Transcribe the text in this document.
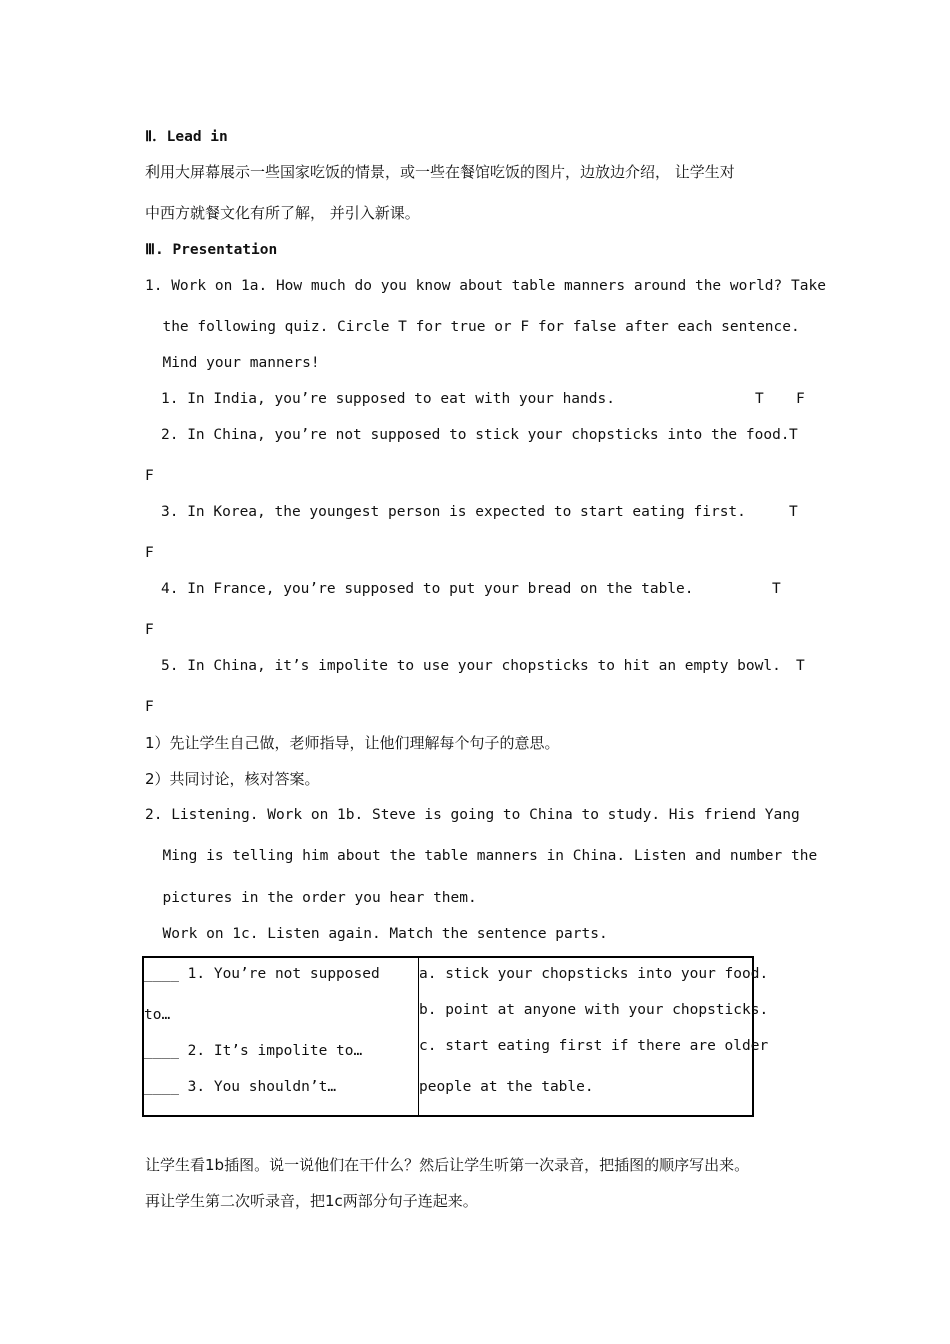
Ⅱ．Lead in
利用大屏幕展示一些国家吃饭的情景，或一些在餐馆吃饭的图片，边放边介绍， 让学生对
中西方就餐文化有所了解， 并引入新课。
Ⅲ. Presentation
1. Work on 1a. How much do you know about table manners around the world? Take
the following quiz. Circle T for true or F for false after each sentence.
Mind your manners!
1. In India, you’re supposed to eat with your hands.	T F
2. In China, you’re not supposed to stick your chopsticks into the food. T
F
3. In Korea, the youngest person is expected to start eating first.	T
F
4. In France, you’re supposed to put your bread on the table.	T
F
5. In China, it’s impolite to use your chopsticks to hit an empty bowl. T
F
1）先让学生自己做，老师指导，让他们理解每个句子的意思。
2）共同讨论，核对答案。
2. Listening. Work on 1b. Steve is going to China to study. His friend Yang
Ming is telling him about the table manners in China. Listen and number the
pictures in the order you hear them.
Work on 1c. Listen again. Match the sentence parts.
____ 1. You’re not supposed
to…
____ 2. It’s impolite to…
____ 3. You shouldn’t…

a. stick your chopsticks into your food.
b. point at anyone with your chopsticks.
c. start eating first if there are older
people at the table.
让学生看1b插图。说一说他们在干什么？然后让学生听第一次录音，把插图的顺序写出来。
再让学生第二次听录音，把1c两部分句子连起来。
